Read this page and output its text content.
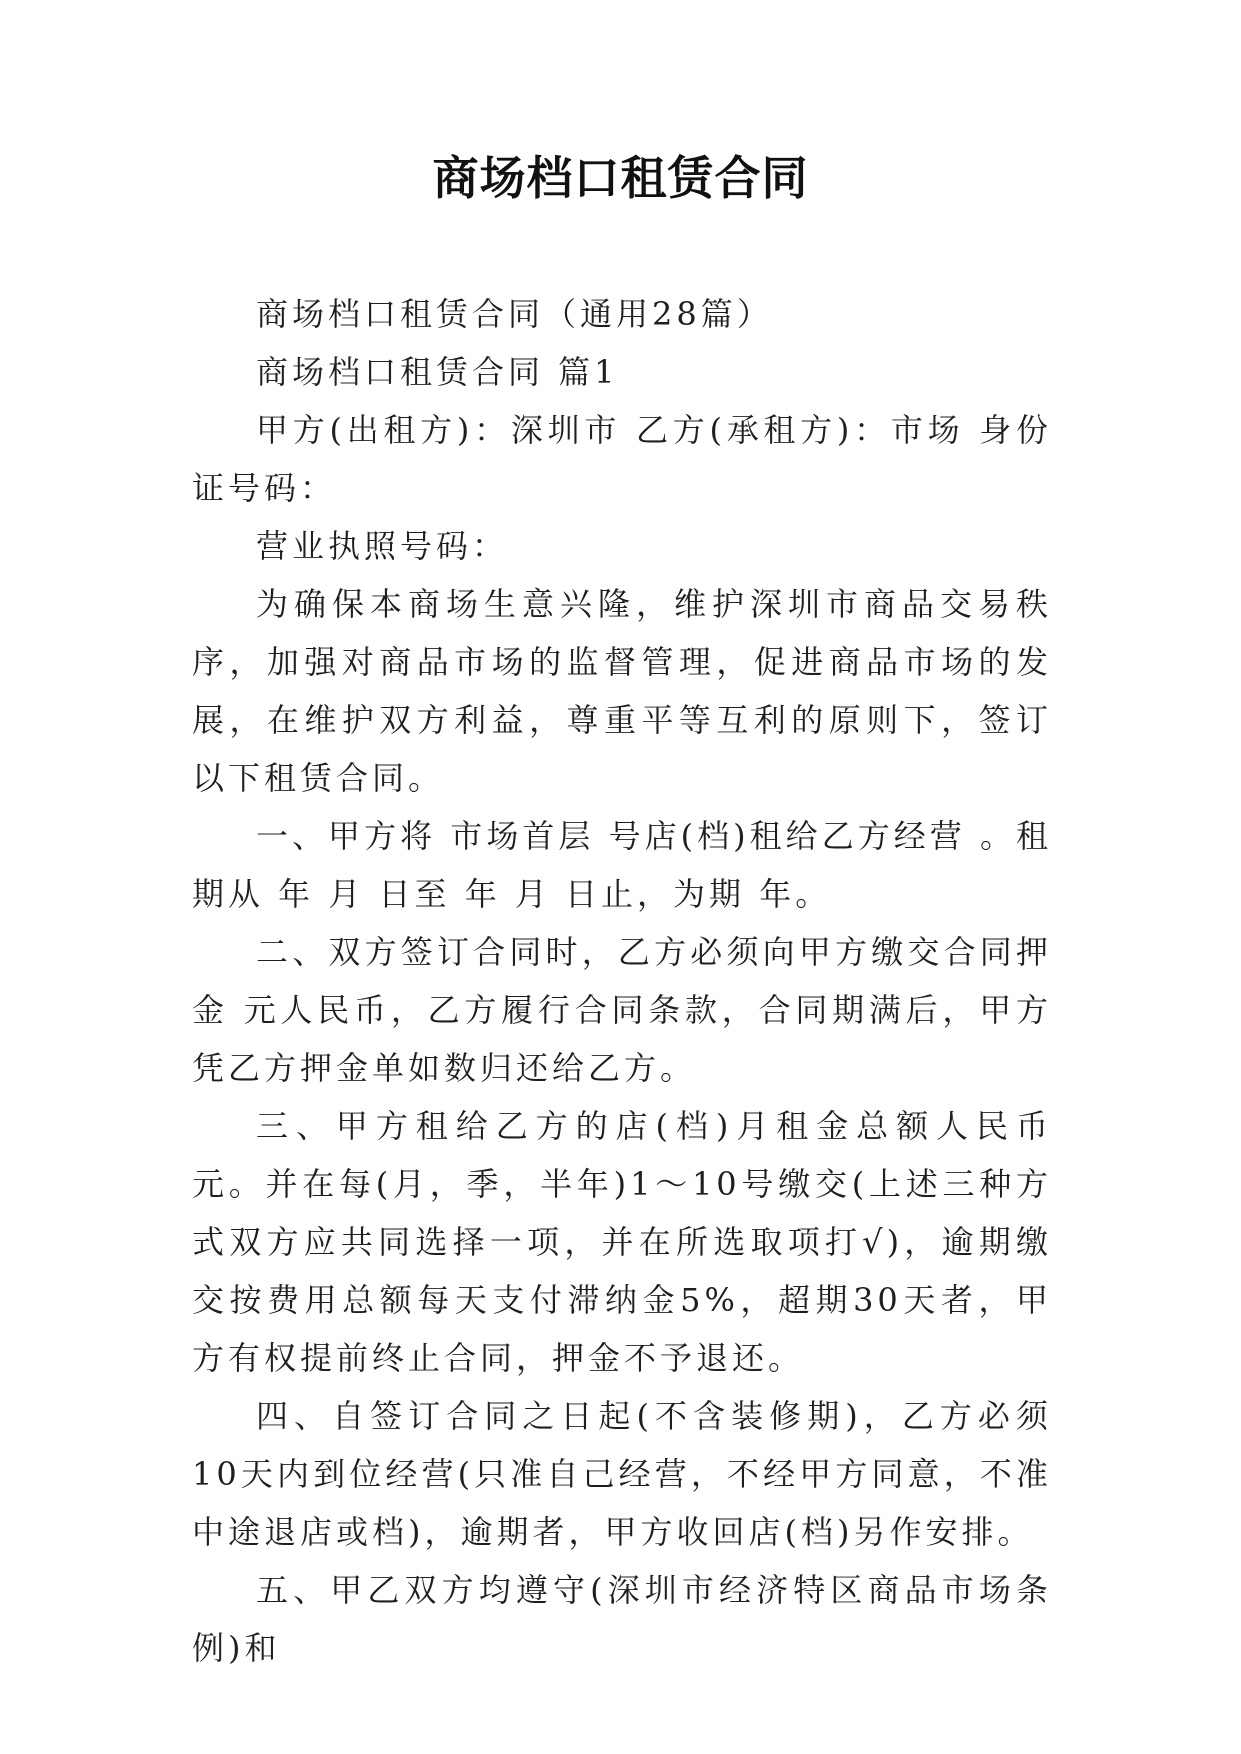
商场档口租赁合同

商场档口租赁合同（通用28篇）

商场档口租赁合同 篇1

甲方(出租方)：深圳市 乙方(承租方)：市场 身份证号码：

营业执照号码：

为确保本商场生意兴隆，维护深圳市商品交易秩序，加强对商品市场的监督管理，促进商品市场的发展，在维护双方利益，尊重平等互利的原则下，签订以下租赁合同。

一、甲方将 市场首层 号店(档)租给乙方经营 。租期从 年 月 日至 年 月 日止，为期 年。

二、双方签订合同时，乙方必须向甲方缴交合同押金 元人民币，乙方履行合同条款，合同期满后，甲方凭乙方押金单如数归还给乙方。

三、甲方租给乙方的店(档)月租金总额人民币 元。并在每(月，季，半年)1～10号缴交(上述三种方式双方应共同选择一项，并在所选取项打√)，逾期缴交按费用总额每天支付滞纳金5%，超期30天者，甲方有权提前终止合同，押金不予退还。

四、自签订合同之日起(不含装修期)，乙方必须10天内到位经营(只准自己经营，不经甲方同意，不准中途退店或档)，逾期者，甲方收回店(档)另作安排。

五、甲乙双方均遵守(深圳市经济特区商品市场条例)和
